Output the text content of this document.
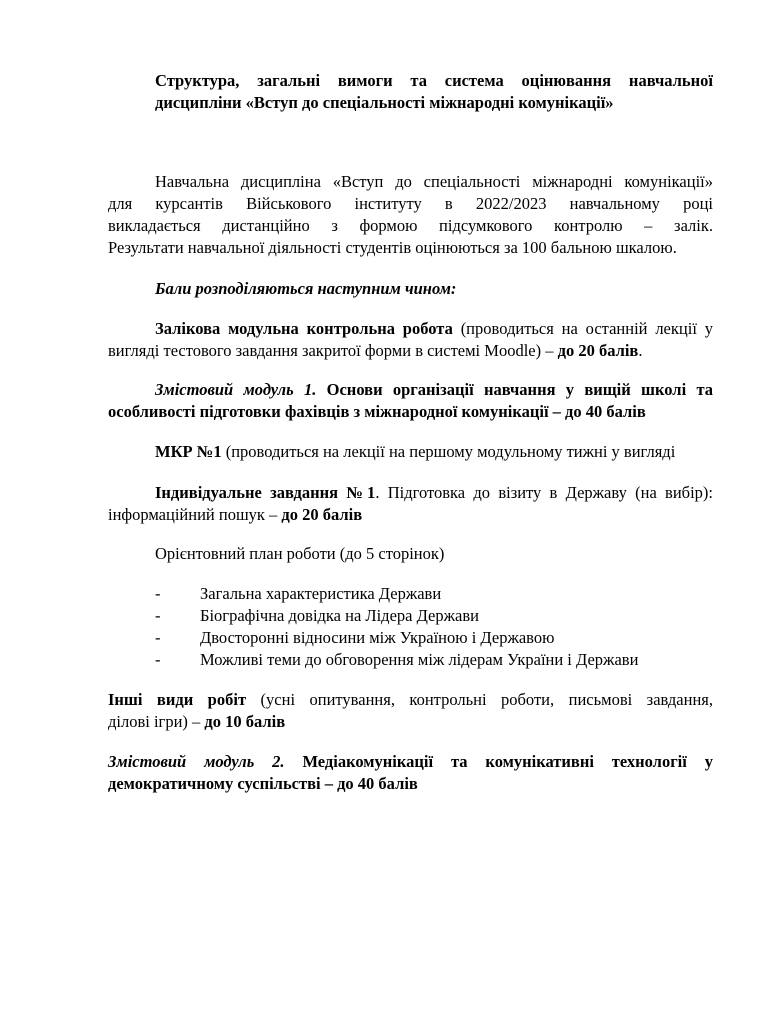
Структура, загальні вимоги та система оцінювання навчальної
дисципліни «Вступ до спеціальності міжнародні комунікації»

Навчальна дисципліна «Вступ до спеціальності міжнародні комунікації»
для курсантів Військового інституту в 2022/2023 навчальному році
викладається дистанційно з формою підсумкового контролю – залік.
Результати навчальної діяльності студентів оцінюються за 100 бальною шкалою.

Бали розподіляються наступним чином:

Залікова модульна контрольна робота (проводиться на останній лекції у
вигляді тестового завдання закритої форми в системі Moodle) – до 20 балів.

Змістовий модуль 1. Основи організації навчання у вищій школі та
особливості підготовки фахівців з міжнародної комунікації – до 40 балів

МКР №1 (проводиться на лекції на першому модульному тижні у вигляді

Індивідуальне завдання №1. Підготовка до візиту в Державу (на вибір):
інформаційний пошук – до 20 балів

Орієнтовний план роботи (до 5 сторінок)

- Загальна характеристика Держави

- Біографічна довідка на Лідера Держави

- Двосторонні відносини між Україною і Державою

- Можливі теми до обговорення між лідерам України і Держави

Інші види робіт (усні опитування, контрольні роботи, письмові завдання,
ділові ігри) – до 10 балів

Змістовий модуль 2. Медіакомунікації та комунікативні технології у
демократичному суспільстві – до 40 балів
